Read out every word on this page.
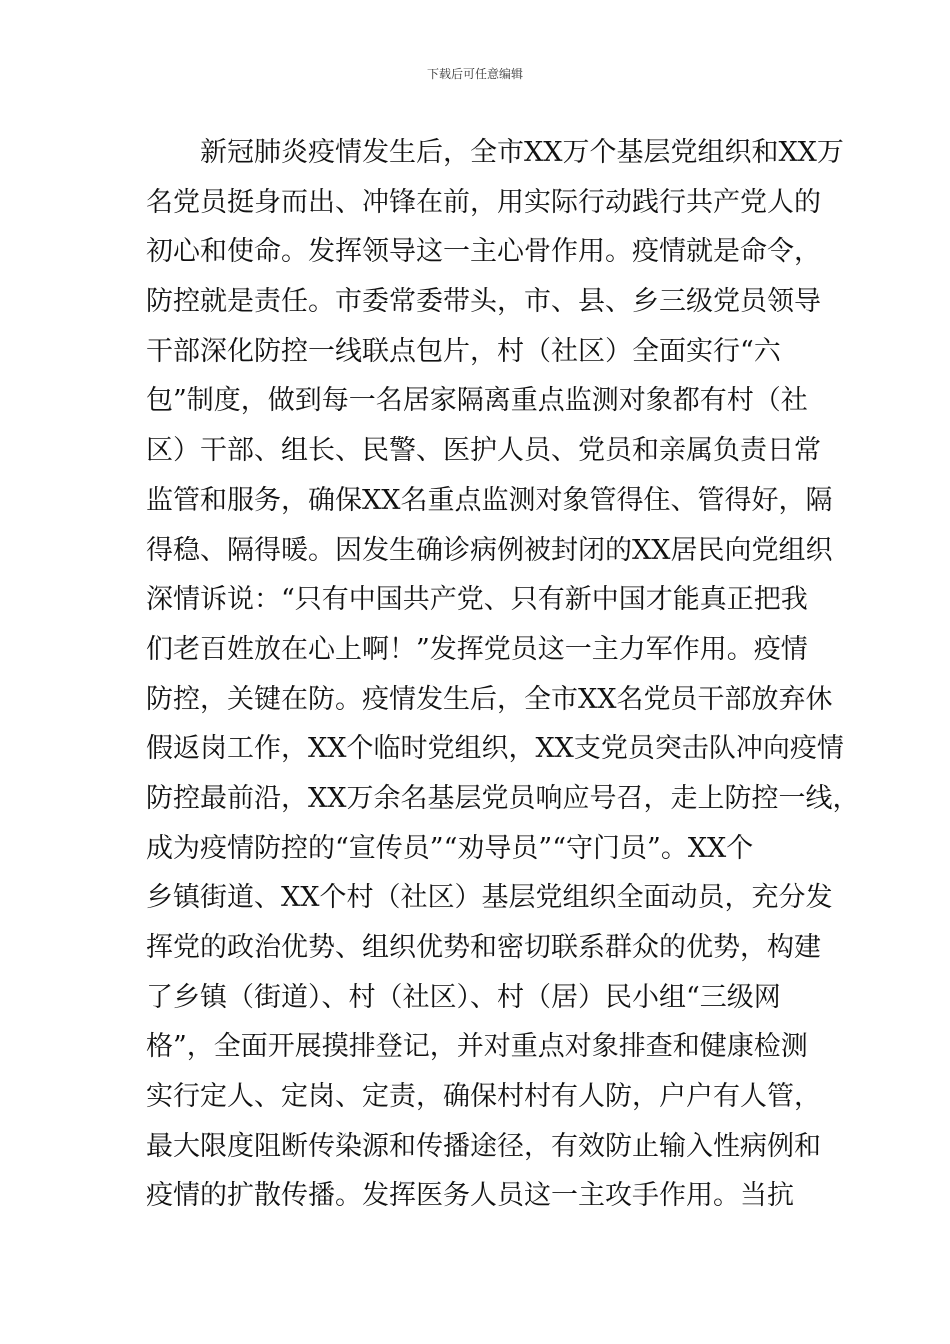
下载后可任意编辑
新冠肺炎疫情发生后，全市XX万个基层党组织和XX万
名党员挺身而出、冲锋在前，用实际行动践行共产党人的
初心和使命。发挥领导这一主心骨作用。疫情就是命令，
防控就是责任。市委常委带头，市、县、乡三级党员领导
干部深化防控一线联点包片，村（社区）全面实行“六
包”制度，做到每一名居家隔离重点监测对象都有村（社
区）干部、组长、民警、医护人员、党员和亲属负责日常
监管和服务，确保XX名重点监测对象管得住、管得好，隔
得稳、隔得暖。因发生确诊病例被封闭的XX居民向党组织
深情诉说：“只有中国共产党、只有新中国才能真正把我
们老百姓放在心上啊！”发挥党员这一主力军作用。疫情
防控，关键在防。疫情发生后，全市XX名党员干部放弃休
假返岗工作，XX个临时党组织，XX支党员突击队冲向疫情
防控最前沿，XX万余名基层党员响应号召，走上防控一线，
成为疫情防控的“宣传员”“劝导员”“守门员”。XX个
乡镇街道、XX个村（社区）基层党组织全面动员，充分发
挥党的政治优势、组织优势和密切联系群众的优势，构建
了乡镇（街道）、村（社区）、村（居）民小组“三级网
格”，全面开展摸排登记，并对重点对象排查和健康检测
实行定人、定岗、定责，确保村村有人防，户户有人管，
最大限度阻断传染源和传播途径，有效防止输入性病例和
疫情的扩散传播。发挥医务人员这一主攻手作用。当抗
